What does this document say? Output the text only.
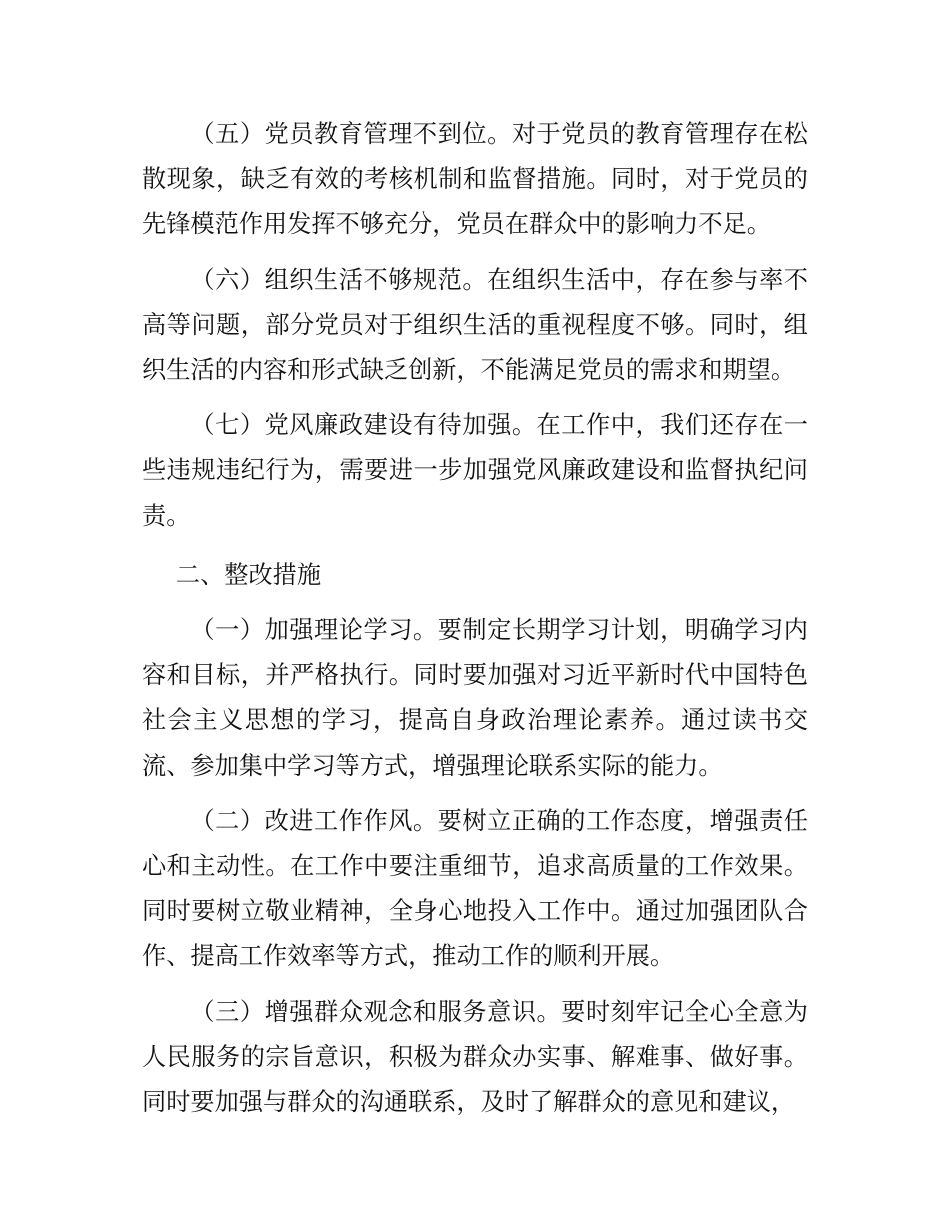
（五）党员教育管理不到位。对于党员的教育管理存在松散现象，缺乏有效的考核机制和监督措施。同时，对于党员的先锋模范作用发挥不够充分，党员在群众中的影响力不足。

（六）组织生活不够规范。在组织生活中，存在参与率不高等问题，部分党员对于组织生活的重视程度不够。同时，组织生活的内容和形式缺乏创新，不能满足党员的需求和期望。

（七）党风廉政建设有待加强。在工作中，我们还存在一些违规违纪行为，需要进一步加强党风廉政建设和监督执纪问责。

二、整改措施

（一）加强理论学习。要制定长期学习计划，明确学习内容和目标，并严格执行。同时要加强对习近平新时代中国特色社会主义思想的学习，提高自身政治理论素养。通过读书交流、参加集中学习等方式，增强理论联系实际的能力。

（二）改进工作作风。要树立正确的工作态度，增强责任心和主动性。在工作中要注重细节，追求高质量的工作效果。同时要树立敬业精神，全身心地投入工作中。通过加强团队合作、提高工作效率等方式，推动工作的顺利开展。

（三）增强群众观念和服务意识。要时刻牢记全心全意为人民服务的宗旨意识，积极为群众办实事、解难事、做好事。同时要加强与群众的沟通联系，及时了解群众的意见和建议，
